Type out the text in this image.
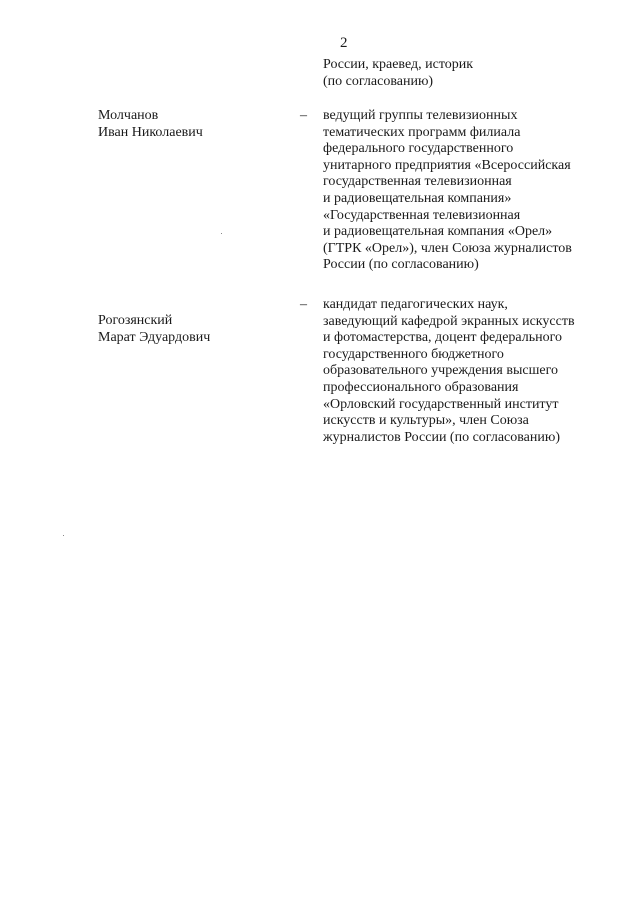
2
России, краевед, историк
(по согласованию)
Молчанов
Иван Николаевич
– ведущий группы телевизионных
тематических программ филиала
федерального государственного
унитарного предприятия «Всероссийская
государственная телевизионная
и радиовещательная компания»
«Государственная телевизионная
и радиовещательная компания «Орел»
(ГТРК «Орел»), член Союза журналистов
России (по согласованию)
Рогозянский
Марат Эдуардович
– кандидат педагогических наук,
заведующий кафедрой экранных искусств
и фотомастерства, доцент федерального
государственного бюджетного
образовательного учреждения высшего
профессионального образования
«Орловский государственный институт
искусств и культуры», член Союза
журналистов России (по согласованию)
